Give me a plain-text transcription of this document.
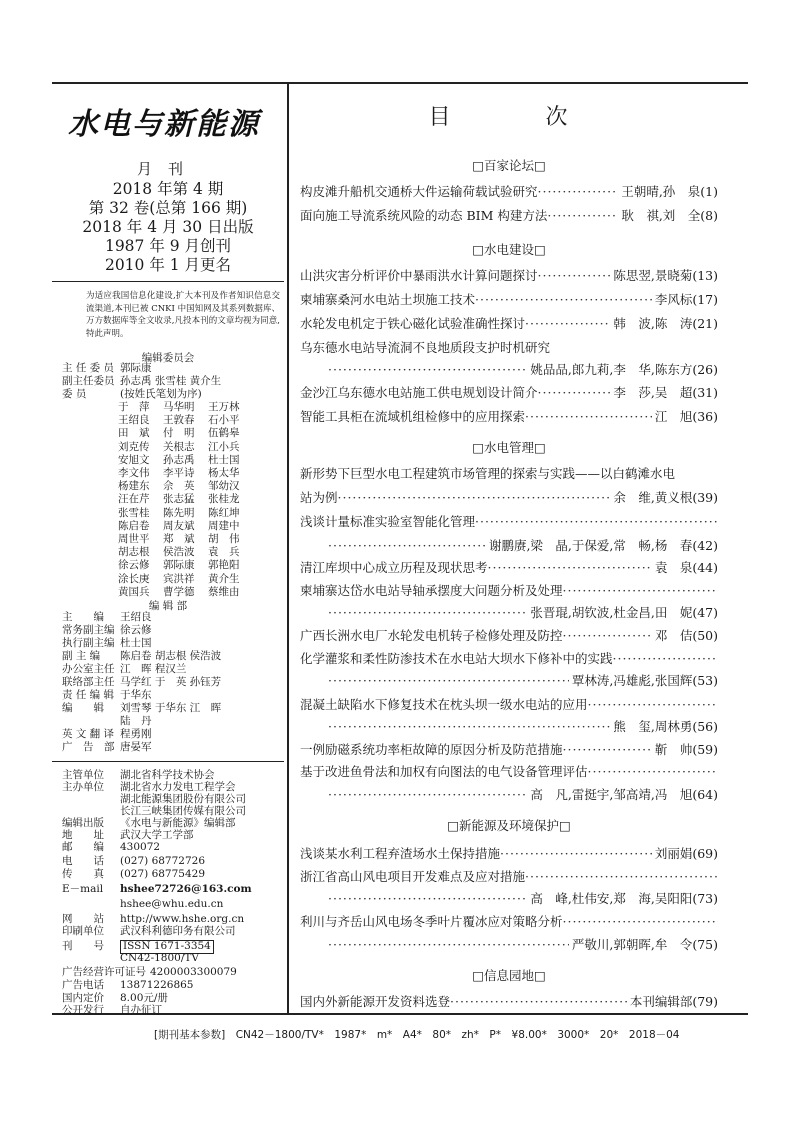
水电与新能源
月刊
2018 年第 4 期
第 32 卷(总第 166 期)
2018 年 4 月 30 日出版
1987 年 9 月创刊
2010 年 1 月更名
为适应我国信息化建设,扩大本刊及作者知识信息交流渠道,本刊已被 CNKI 中国知网及其系列数据库、万方数据库等全文收录,凡投本刊的文章均视为同意,特此声明。
编辑委员会
主 任 委 员 郭际康
副主任委员 孙志禹 张雪桂 黄介生
委 员	(按姓氏笔划为序)
于　萍 马华明 王万林
王绍良 王敦春 石小平
田　斌 付　明 伍鹤皋
刘克传 关根志 江小兵
安旭文 孙志禹 杜士国
李文伟 李平诗 杨太华
杨建东 佘　英 邹幼汉
汪在芹 张志猛 张桂龙
张雪桂 陈先明 陈红坤
陈启卷 周友斌 周建中
周世平 郑　斌 胡　伟
胡志根 侯浩波 袁　兵
徐云修 郭际康 郭艳阳
涂长庚 宾洪祥 黄介生
黄国兵 曹学德 蔡维由
编 辑 部
主　　编 王绍良
常务副主编 徐云修
执行副主编 杜士国
副 主 编 陈启卷 胡志根 侯浩波
办公室主任 江　晖 程汉兰
联络部主任 马学红 于　英 孙钰芳
责 任 编 辑 于华东
编　　辑 刘雪琴 于华东 江　晖
陆　丹
英 文 翻 译 程勇刚
广　告　部 唐晏军
主管单位 湖北省科学技术协会
主办单位 湖北省水力发电工程学会
湖北能源集团股份有限公司
长江三峡集团传媒有限公司
编辑出版 《水电与新能源》编辑部
地　　址 武汉大学工学部
邮　　编 430072
电　　话 (027) 68772726
传　　真 (027) 68775429
E－mail hshee72726@163.com
hshee@whu.edu.cn
网　　站 http://www.hshe.org.cn
印刷单位 武汉科利德印务有限公司
刊　　号 ISSN 1671-3354
CN42-1800/TV
广告经营许可证号 4200003300079
广告电话 13871226865
国内定价 8.00元/册
公开发行 自办征订
目 次
□百家论坛□
构皮滩升船机交通桥大件运输荷载试验研究 ·····	王朝晴,孙　泉(1)
面向施工导流系统风险的动态 BIM 构建方法 ·····	耿　祺,刘　全(8)
□水电建设□
山洪灾害分析评价中暴雨洪水计算问题探讨 ·····	陈思翌,景晓菊(13)
柬埔寨桑河水电站土坝施工技术 ·····	李风标(17)
水轮发电机定于铁心磁化试验准确性探讨 ·····	韩　波,陈　涛(21)
乌东德水电站导流洞不良地质段支护时机研究
·····
姚品品,郎九莉,李　华,陈东方(26)
金沙江乌东德水电站施工供电规划设计简介 ·····	李　莎,吴　超(31)
智能工具柜在流域机组检修中的应用探索 ·····	江　旭(36)
□水电管理□
新形势下巨型水电工程建筑市场管理的探索与实践——以白鹤滩水电
站为例 ·····	余　维,黄义根(39)
浅谈计量标准实验室智能化管理
·····
·····
谢鹏赓,梁　晶,于保爱,常　畅,杨　春(42)
清江库坝中心成立历程及现状思考 ·····	袁　泉(44)
柬埔寨达岱水电站导轴承摆度大问题分析及处理
·····
·····
张晋琨,胡钦波,杜金昌,田　妮(47)
广西长洲水电厂水轮发电机转子检修处理及防控 ·····	邓　佶(50)
化学灌浆和柔性防渗技术在水电站大坝水下修补中的实践
·····
·····
覃林涛,冯雄彪,张国辉(53)
混凝土缺陷水下修复技术在枕头坝一级水电站的应用
·····
·····
熊　玺,周林勇(56)
一例励磁系统功率柜故障的原因分析及防范措施 ·····	靳　帅(59)
基于改进鱼骨法和加权有向图法的电气设备管理评估
·····
·····
高　凡,雷挺宇,邹高靖,冯　旭(64)
□新能源及环境保护□
浅谈某水利工程弃渣场水土保持措施 ·····	刘丽娟(69)
浙江省高山风电项目开发难点及应对措施
·····
·····
高　峰,杜伟安,郑　海,吴阳阳(73)
利川与齐岳山风电场冬季叶片覆冰应对策略分析
·····
·····
严敬川,郭朝晖,牟　令(75)
□信息园地□
国内外新能源开发资料选登 ·····	本刊编辑部(79)
[期刊基本参数]　CN42－1800/TV*　1987*　m*　A4*　80*　zh*　P*　¥8.00*　3000*　20*　2018－04
